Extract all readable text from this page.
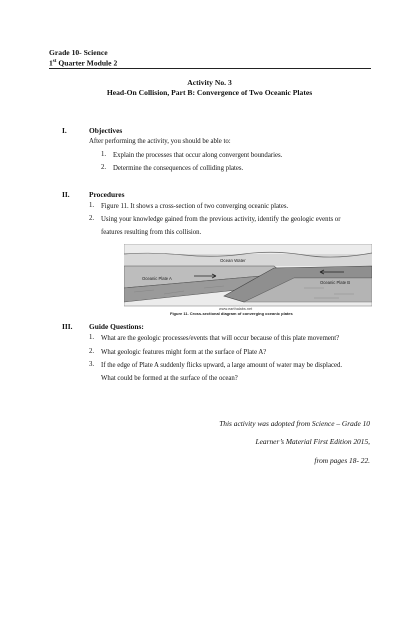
Grade 10- Science
1st Quarter Module 2
Activity No. 3
Head-On Collision, Part B: Convergence of Two Oceanic Plates
I.	Objectives
After performing the activity, you should be able to:
1. Explain the processes that occur along convergent boundaries.
2. Determine the consequences of colliding plates.
II.	Procedures
1. Figure 11. It shows a cross-section of two converging oceanic plates.
2. Using your knowledge gained from the previous activity, identify the geologic events or
features resulting from this collision.
Ocean Water
Oceanic Plate A
Oceanic Plate B
www.earthalabs.net
Figure 11. Cross-sectional diagram of converging oceanic plates
III. Guide Questions:
1. What are the geologic processes/events that will occur because of this plate movement?
2. What geologic features might form at the surface of Plate A?
3. If the edge of Plate A suddenly flicks upward, a large amount of water may be displaced.
What could be formed at the surface of the ocean?
This activity was adopted from Science – Grade 10
Learner’s Material First Edition 2015,
from pages 18- 22.
